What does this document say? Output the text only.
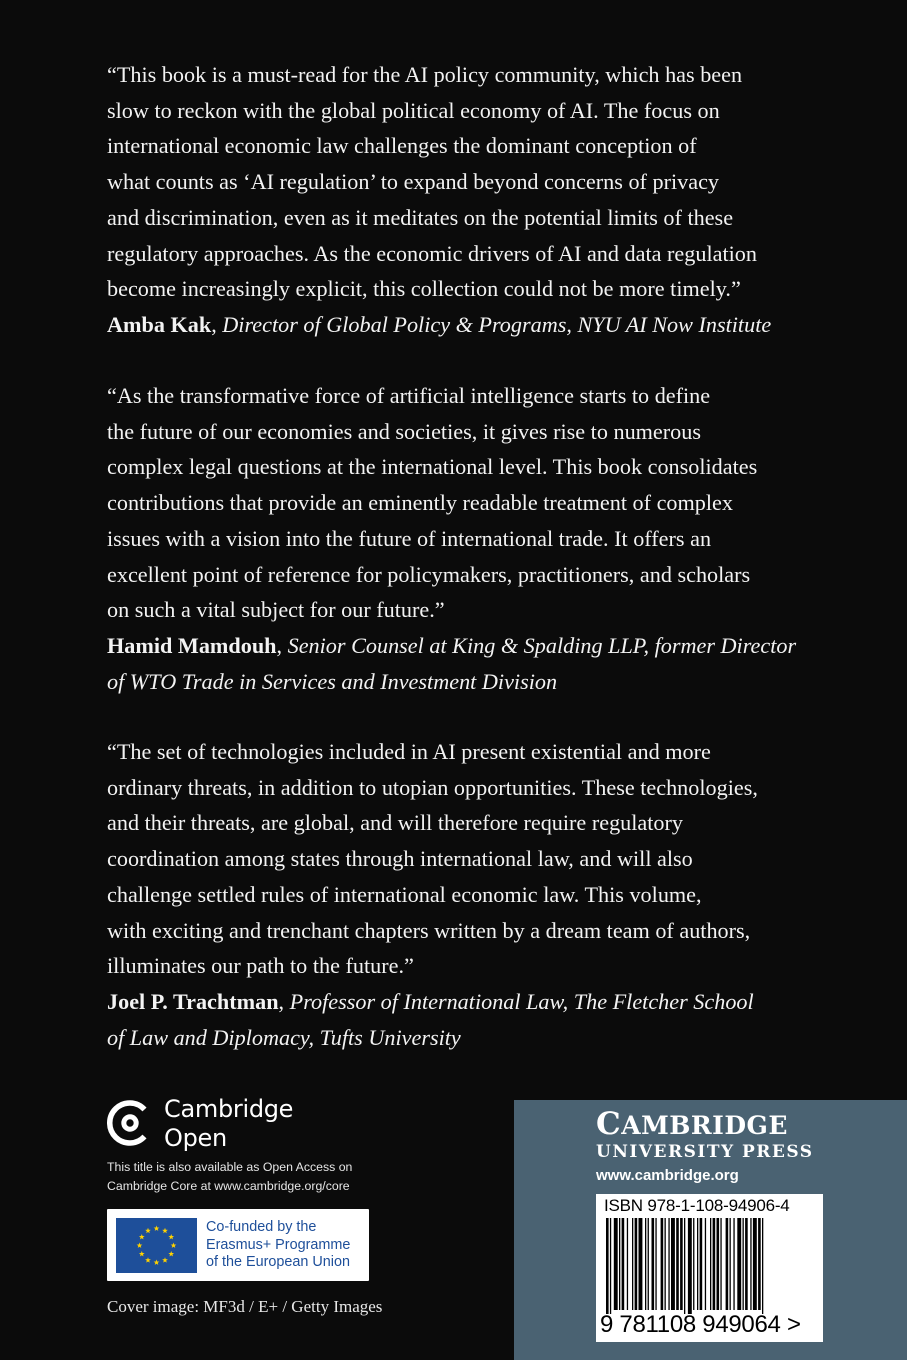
“This book is a must-read for the AI policy community, which has been

slow to reckon with the global political economy of AI. The focus on

international economic law challenges the dominant conception of

what counts as ‘AI regulation’ to expand beyond concerns of privacy

and discrimination, even as it meditates on the potential limits of these

regulatory approaches. As the economic drivers of AI and data regulation

become increasingly explicit, this collection could not be more timely.”

Amba Kak, Director of Global Policy & Programs, NYU AI Now Institute

“As the transformative force of artificial intelligence starts to define

the future of our economies and societies, it gives rise to numerous

complex legal questions at the international level. This book consolidates

contributions that provide an eminently readable treatment of complex

issues with a vision into the future of international trade. It offers an

excellent point of reference for policymakers, practitioners, and scholars

on such a vital subject for our future.”

Hamid Mamdouh, Senior Counsel at King & Spalding LLP, former Director

of WTO Trade in Services and Investment Division

“The set of technologies included in AI present existential and more

ordinary threats, in addition to utopian opportunities. These technologies,

and their threats, are global, and will therefore require regulatory

coordination among states through international law, and will also

challenge settled rules of international economic law. This volume,

with exciting and trenchant chapters written by a dream team of authors,

illuminates our path to the future.”

Joel P. Trachtman, Professor of International Law, The Fletcher School

of Law and Diplomacy, Tufts University

Cambridge
Open
This title is also available as Open Access on
Cambridge Core at www.cambridge.org/core
Co-funded by the
Erasmus+ Programme
of the European Union
Cover image: MF3d / E+ / Getty Images
CAMBRIDGE
UNIVERSITY PRESS
www.cambridge.org
ISBN 978-1-108-94906-4
9 781108 949064 >
